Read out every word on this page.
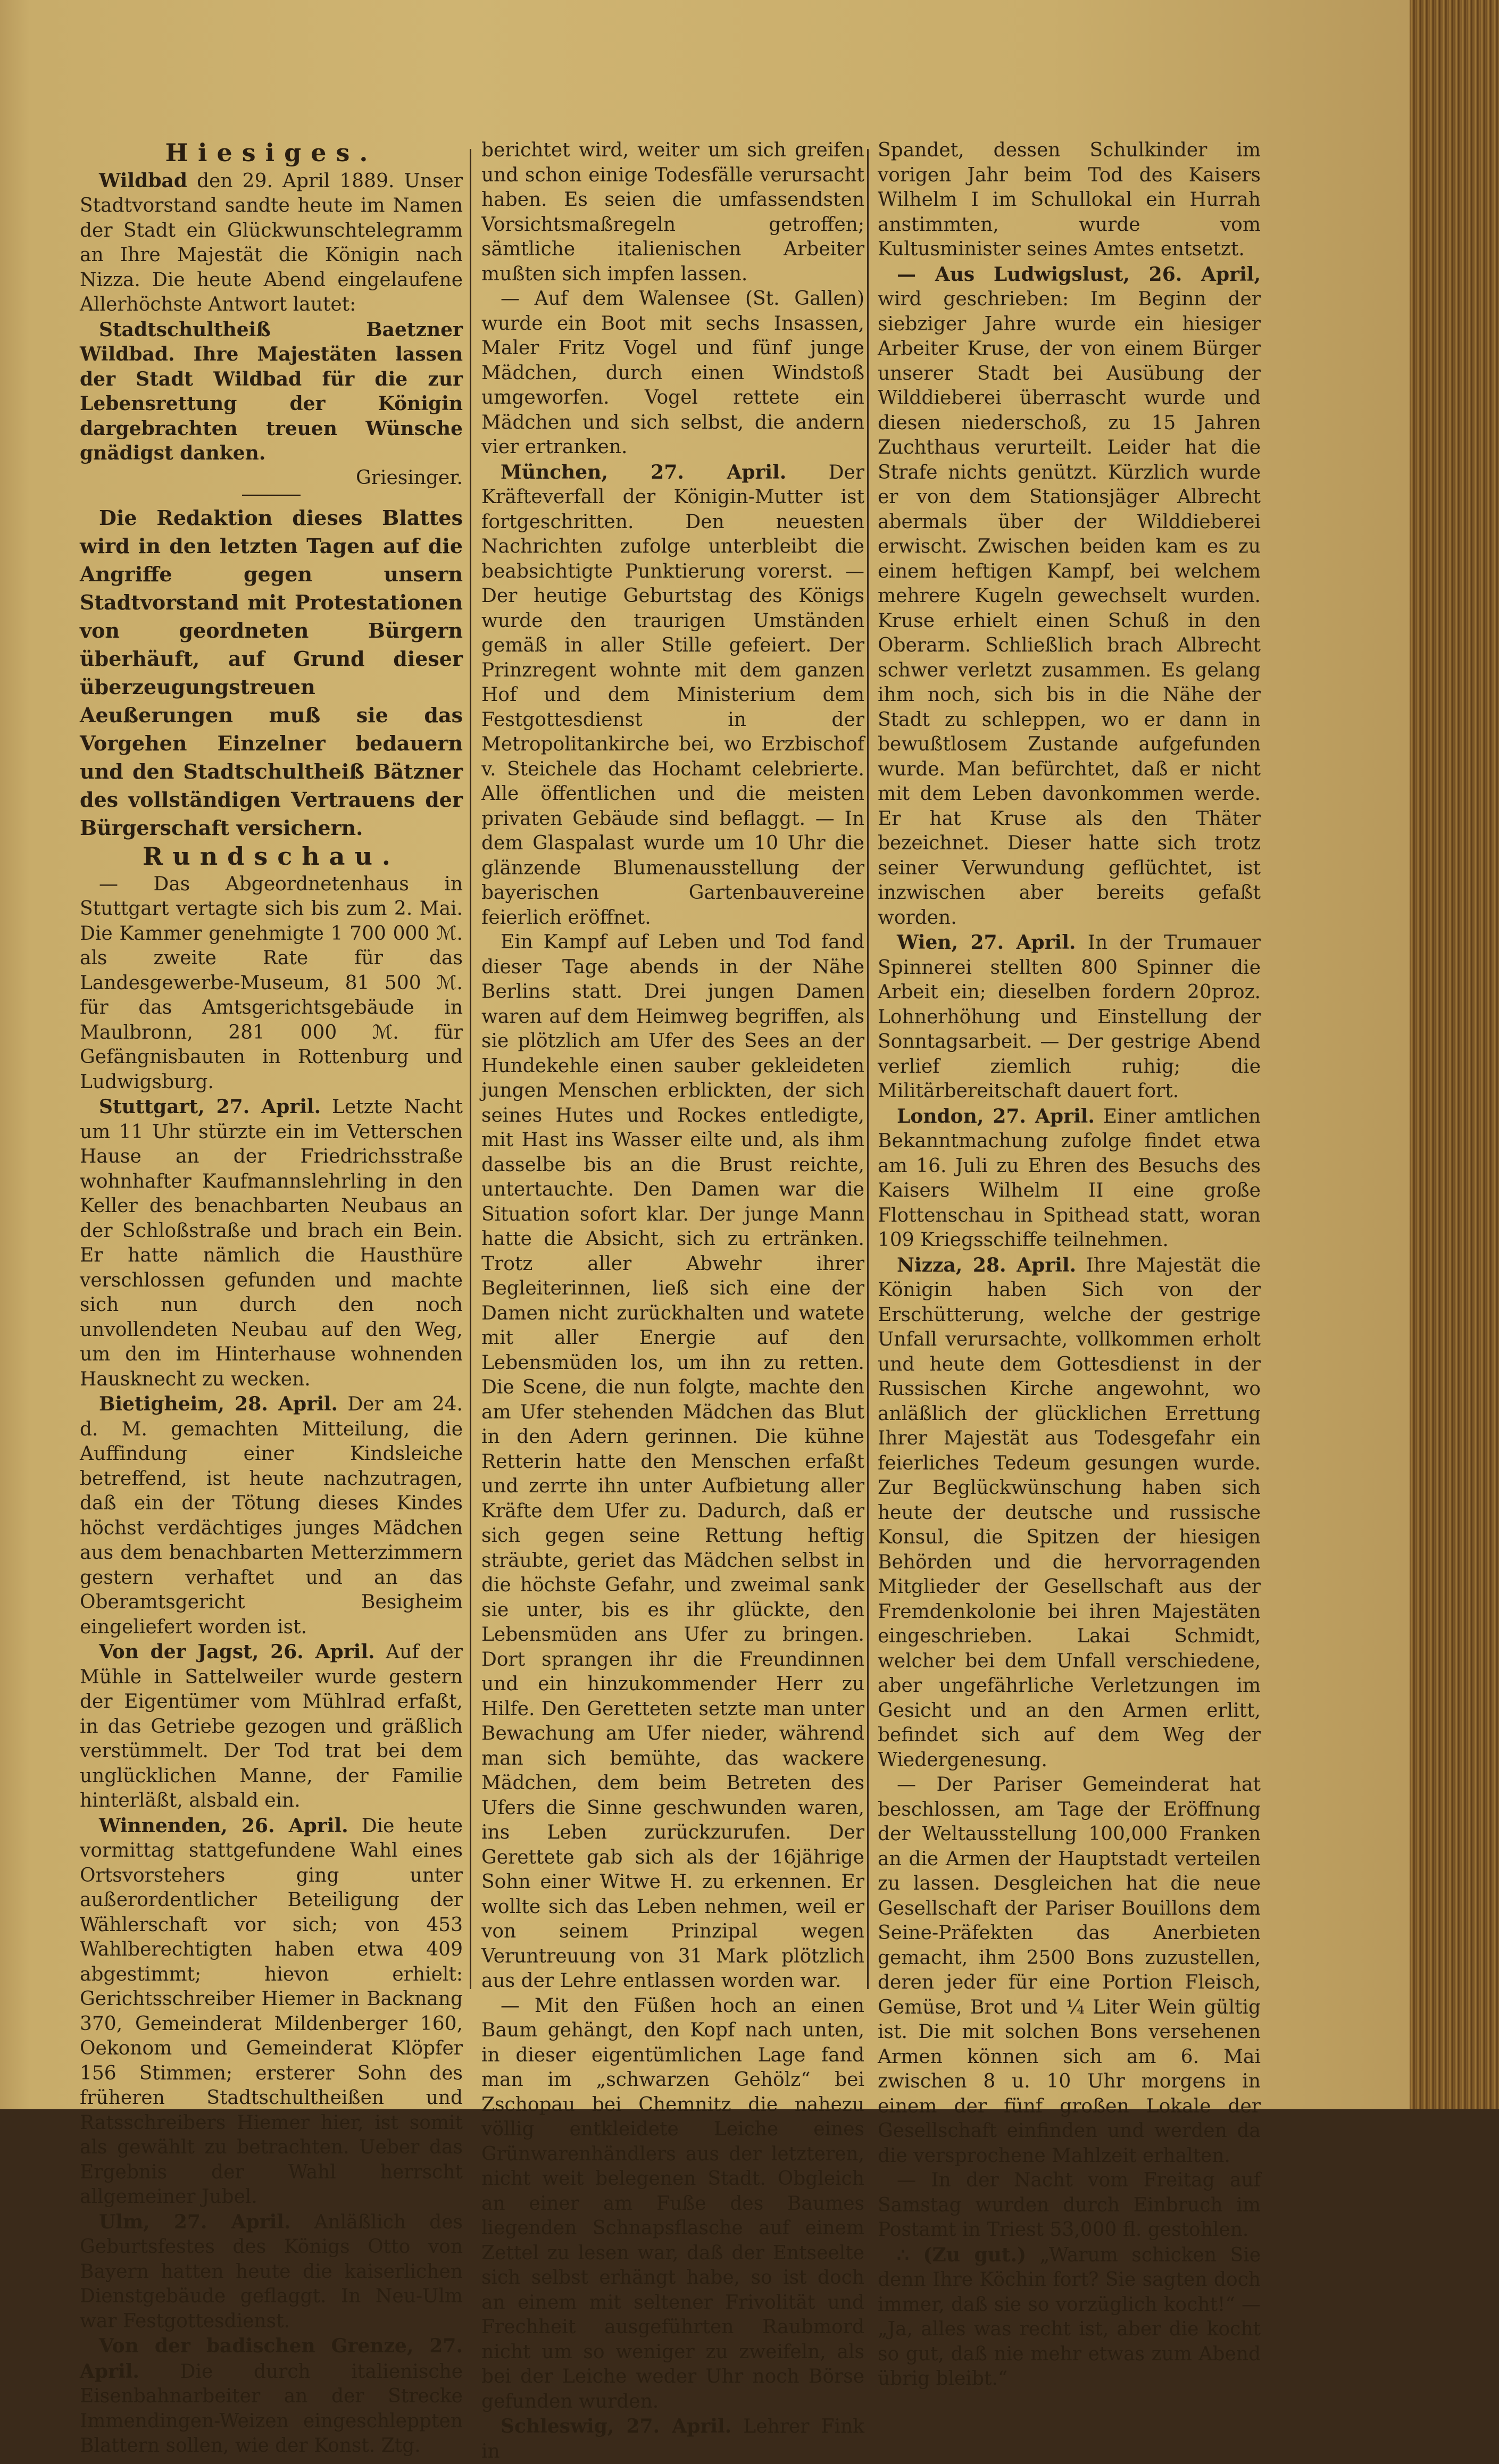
Hiesiges.

Wildbad den 29. April 1889. Unser Stadtvorstand sandte heute im Namen der Stadt ein Glückwunschtelegramm an Ihre Majestät die Königin nach Nizza. Die heute Abend eingelaufene Allerhöchste Antwort lautet:

Stadtschultheiß Baetzner Wildbad. Ihre Majestäten lassen der Stadt Wildbad für die zur Lebensrettung der Königin dargebrachten treuen Wünsche gnädigst danken.

Griesinger.

Die Redaktion dieses Blattes wird in den letzten Tagen auf die Angriffe gegen unsern Stadtvorstand mit Protestationen von geordneten Bürgern überhäuft, auf Grund dieser überzeugungstreuen Aeußerungen muß sie das Vorgehen Einzelner bedauern und den Stadtschultheiß Bätzner des vollständigen Vertrauens der Bürgerschaft versichern.

Rundschau.

— Das Abgeordnetenhaus in Stuttgart vertagte sich bis zum 2. Mai. Die Kammer genehmigte 1 700 000 ℳ. als zweite Rate für das Landesgewerbe-Museum, 81 500 ℳ. für das Amtsgerichtsgebäude in Maulbronn, 281 000 ℳ. für Gefängnisbauten in Rottenburg und Ludwigsburg.

Stuttgart, 27. April. Letzte Nacht um 11 Uhr stürzte ein im Vetterschen Hause an der Friedrichsstraße wohnhafter Kaufmannslehrling in den Keller des benachbarten Neubaus an der Schloßstraße und brach ein Bein. Er hatte nämlich die Hausthüre verschlossen gefunden und machte sich nun durch den noch unvollendeten Neubau auf den Weg, um den im Hinterhause wohnenden Hausknecht zu wecken.

Bietigheim, 28. April. Der am 24. d. M. gemachten Mitteilung, die Auffindung einer Kindsleiche betreffend, ist heute nachzutragen, daß ein der Tötung dieses Kindes höchst verdächtiges junges Mädchen aus dem benachbarten Metterzimmern gestern verhaftet und an das Oberamtsgericht Besigheim eingeliefert worden ist.

Von der Jagst, 26. April. Auf der Mühle in Sattelweiler wurde gestern der Eigentümer vom Mühlrad erfaßt, in das Getriebe gezogen und gräßlich verstümmelt. Der Tod trat bei dem unglücklichen Manne, der Familie hinterläßt, alsbald ein.

Winnenden, 26. April. Die heute vormittag stattgefundene Wahl eines Ortsvorstehers ging unter außerordentlicher Beteiligung der Wählerschaft vor sich; von 453 Wahlberechtigten haben etwa 409 abgestimmt; hievon erhielt: Gerichtsschreiber Hiemer in Backnang 370, Gemeinderat Mildenberger 160, Oekonom und Gemeinderat Klöpfer 156 Stimmen; ersterer Sohn des früheren Stadtschultheißen und Ratsschreibers Hiemer hier, ist somit als gewählt zu betrachten. Ueber das Ergebnis der Wahl herrscht allgemeiner Jubel.

Ulm, 27. April. Anläßlich des Geburtsfestes des Königs Otto von Bayern hatten heute die kaiserlichen Dienstgebäude geflaggt. In Neu-Ulm war Festgottesdienst.

Von der badischen Grenze, 27. April. Die durch italienische Eisenbahnarbeiter an der Strecke Immendingen-Weizen eingeschleppten Blattern sollen, wie der Konst. Ztg.

berichtet wird, weiter um sich greifen und schon einige Todesfälle verursacht haben. Es seien die umfassendsten Vorsichtsmaßregeln getroffen; sämtliche italienischen Arbeiter mußten sich impfen lassen.

— Auf dem Walensee (St. Gallen) wurde ein Boot mit sechs Insassen, Maler Fritz Vogel und fünf junge Mädchen, durch einen Windstoß umgeworfen. Vogel rettete ein Mädchen und sich selbst, die andern vier ertranken.

München, 27. April. Der Kräfteverfall der Königin-Mutter ist fortgeschritten. Den neuesten Nachrichten zufolge unterbleibt die beabsichtigte Punktierung vorerst. — Der heutige Geburtstag des Königs wurde den traurigen Umständen gemäß in aller Stille gefeiert. Der Prinzregent wohnte mit dem ganzen Hof und dem Ministerium dem Festgottesdienst in der Metropolitankirche bei, wo Erzbischof v. Steichele das Hochamt celebrierte. Alle öffentlichen und die meisten privaten Gebäude sind beflaggt. — In dem Glaspalast wurde um 10 Uhr die glänzende Blumenausstellung der bayerischen Gartenbauvereine feierlich eröffnet.

Ein Kampf auf Leben und Tod fand dieser Tage abends in der Nähe Berlins statt. Drei jungen Damen waren auf dem Heimweg begriffen, als sie plötzlich am Ufer des Sees an der Hundekehle einen sauber gekleideten jungen Menschen erblickten, der sich seines Hutes und Rockes entledigte, mit Hast ins Wasser eilte und, als ihm dasselbe bis an die Brust reichte, untertauchte. Den Damen war die Situation sofort klar. Der junge Mann hatte die Absicht, sich zu ertränken. Trotz aller Abwehr ihrer Begleiterinnen, ließ sich eine der Damen nicht zurückhalten und watete mit aller Energie auf den Lebensmüden los, um ihn zu retten. Die Scene, die nun folgte, machte den am Ufer stehenden Mädchen das Blut in den Adern gerinnen. Die kühne Retterin hatte den Menschen erfaßt und zerrte ihn unter Aufbietung aller Kräfte dem Ufer zu. Dadurch, daß er sich gegen seine Rettung heftig sträubte, geriet das Mädchen selbst in die höchste Gefahr, und zweimal sank sie unter, bis es ihr glückte, den Lebensmüden ans Ufer zu bringen. Dort sprangen ihr die Freundinnen und ein hinzukommender Herr zu Hilfe. Den Geretteten setzte man unter Bewachung am Ufer nieder, während man sich bemühte, das wackere Mädchen, dem beim Betreten des Ufers die Sinne geschwunden waren, ins Leben zurückzurufen. Der Gerettete gab sich als der 16jährige Sohn einer Witwe H. zu erkennen. Er wollte sich das Leben nehmen, weil er von seinem Prinzipal wegen Veruntreuung von 31 Mark plötzlich aus der Lehre entlassen worden war.

— Mit den Füßen hoch an einen Baum gehängt, den Kopf nach unten, in dieser eigentümlichen Lage fand man im „schwarzen Gehölz“ bei Zschopau bei Chemnitz die nahezu völlig entkleidete Leiche eines Grünwarenhändlers aus der letzteren, nicht weit belegenen Stadt. Obgleich an einer am Fuße des Baumes liegenden Schnapsflasche auf einem Zettel zu lesen war, daß der Entseelte sich selbst erhängt habe, so ist doch an einem mit seltener Frivolität und Frechheit ausgeführten Raubmord nicht um so weniger zu zweifeln, als bei der Leiche weder Uhr noch Börse gefunden wurden.

Schleswig, 27. April. Lehrer Fink in

Spandet, dessen Schulkinder im vorigen Jahr beim Tod des Kaisers Wilhelm I im Schullokal ein Hurrah anstimmten, wurde vom Kultusminister seines Amtes entsetzt.

— Aus Ludwigslust, 26. April, wird geschrieben: Im Beginn der siebziger Jahre wurde ein hiesiger Arbeiter Kruse, der von einem Bürger unserer Stadt bei Ausübung der Wilddieberei überrascht wurde und diesen niederschoß, zu 15 Jahren Zuchthaus verurteilt. Leider hat die Strafe nichts genützt. Kürzlich wurde er von dem Stationsjäger Albrecht abermals über der Wilddieberei erwischt. Zwischen beiden kam es zu einem heftigen Kampf, bei welchem mehrere Kugeln gewechselt wurden. Kruse erhielt einen Schuß in den Oberarm. Schließlich brach Albrecht schwer verletzt zusammen. Es gelang ihm noch, sich bis in die Nähe der Stadt zu schleppen, wo er dann in bewußtlosem Zustande aufgefunden wurde. Man befürchtet, daß er nicht mit dem Leben davonkommen werde. Er hat Kruse als den Thäter bezeichnet. Dieser hatte sich trotz seiner Verwundung geflüchtet, ist inzwischen aber bereits gefaßt worden.

Wien, 27. April. In der Trumauer Spinnerei stellten 800 Spinner die Arbeit ein; dieselben fordern 20proz. Lohnerhöhung und Einstellung der Sonntagsarbeit. — Der gestrige Abend verlief ziemlich ruhig; die Militärbereitschaft dauert fort.

London, 27. April. Einer amtlichen Bekanntmachung zufolge findet etwa am 16. Juli zu Ehren des Besuchs des Kaisers Wilhelm II eine große Flottenschau in Spithead statt, woran 109 Kriegsschiffe teilnehmen.

Nizza, 28. April. Ihre Majestät die Königin haben Sich von der Erschütterung, welche der gestrige Unfall verursachte, vollkommen erholt und heute dem Gottesdienst in der Russischen Kirche angewohnt, wo anläßlich der glücklichen Errettung Ihrer Majestät aus Todesgefahr ein feierliches Tedeum gesungen wurde. Zur Beglückwünschung haben sich heute der deutsche und russische Konsul, die Spitzen der hiesigen Behörden und die hervorragenden Mitglieder der Gesellschaft aus der Fremdenkolonie bei ihren Majestäten eingeschrieben. Lakai Schmidt, welcher bei dem Unfall verschiedene, aber ungefährliche Verletzungen im Gesicht und an den Armen erlitt, befindet sich auf dem Weg der Wiedergenesung.

— Der Pariser Gemeinderat hat beschlossen, am Tage der Eröffnung der Weltausstellung 100,000 Franken an die Armen der Hauptstadt verteilen zu lassen. Desgleichen hat die neue Gesellschaft der Pariser Bouillons dem Seine-Präfekten das Anerbieten gemacht, ihm 2500 Bons zuzustellen, deren jeder für eine Portion Fleisch, Gemüse, Brot und ¼ Liter Wein gültig ist. Die mit solchen Bons versehenen Armen können sich am 6. Mai zwischen 8 u. 10 Uhr morgens in einem der fünf großen Lokale der Gesellschaft einfinden und werden da die versprochene Mahlzeit erhalten.

— In der Nacht vom Freitag auf Samstag wurden durch Einbruch im Postamt in Triest 53,000 fl. gestohlen.

∴ (Zu gut.) „Warum schicken Sie denn Ihre Köchin fort? Sie sagten doch immer, daß sie so vorzüglich kocht!“ — „Ja, alles was recht ist, aber die kocht so gut, daß nie mehr etwas zum Abend übrig bleibt.“
